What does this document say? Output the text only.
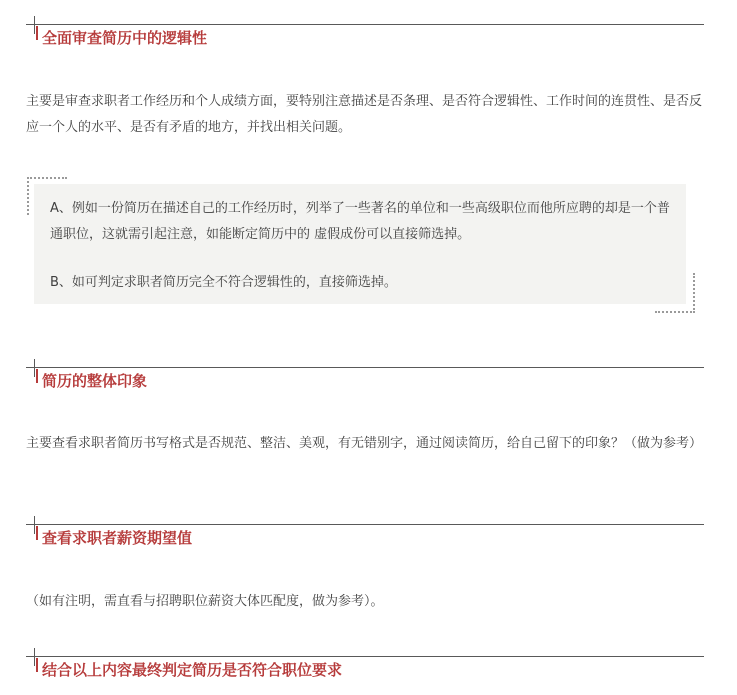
全面审查简历中的逻辑性
主要是审查求职者工作经历和个人成绩方面，要特别注意描述是否条理、是否符合逻辑性、工作时间的连贯性、是否反应一个人的水平、是否有矛盾的地方，并找出相关问题。
A、例如一份简历在描述自己的工作经历时，列举了一些著名的单位和一些高级职位而他所应聘的却是一个普通职位，这就需引起注意，如能断定简历中的 虚假成份可以直接筛选掉。
B、如可判定求职者简历完全不符合逻辑性的，直接筛选掉。
简历的整体印象
主要查看求职者简历书写格式是否规范、整洁、美观，有无错别字，通过阅读简历，给自己留下的印象？（做为参考）
查看求职者薪资期望值
（如有注明，需直看与招聘职位薪资大体匹配度，做为参考）。
结合以上内容最终判定简历是否符合职位要求
